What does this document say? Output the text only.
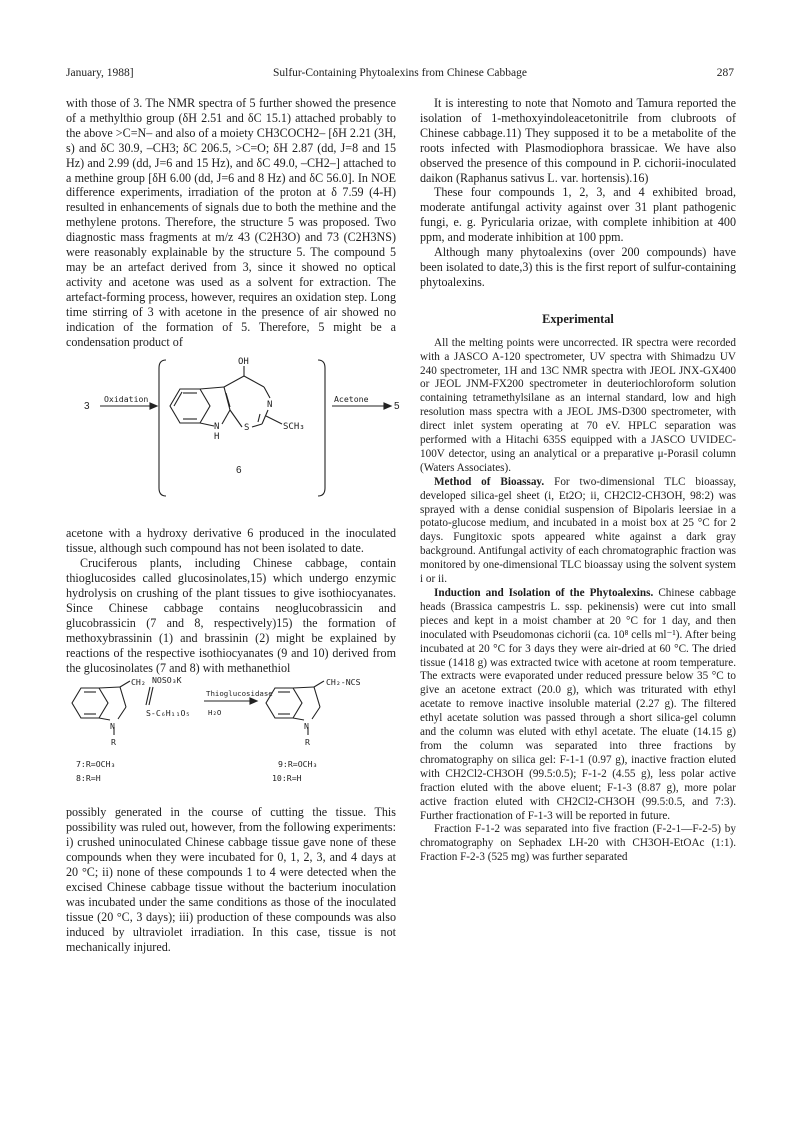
January, 1988]	Sulfur-Containing Phytoalexins from Chinese Cabbage	287

with those of 3. The NMR spectra of 5 further showed the presence of a methylthio group (δH 2.51 and δC 15.1) attached probably to the above >C=N– and also of a moiety CH3COCH2– [δH 2.21 (3H, s) and δC 30.9, –CH3; δC 206.5, >C=O; δH 2.87 (dd, J=8 and 15 Hz) and 2.99 (dd, J=6 and 15 Hz), and δC 49.0, –CH2–] attached to a methine group [δH 6.00 (dd, J=6 and 8 Hz) and δC 56.0]. In NOE difference experiments, irradiation of the proton at δ 7.59 (4-H) resulted in enhancements of signals due to both the methine and the methylene protons. Therefore, the structure 5 was proposed. Two diagnostic mass fragments at m/z 43 (C2H3O) and 73 (C2H3NS) were reasonably explainable by the structure 5. The compound 5 may be an artefact derived from 3, since it showed no optical activity and acetone was used as a solvent for extraction. The artefact-forming process, however, requires an oxidation step. Long time stirring of 3 with acetone in the presence of air showed no indication of the formation of 5. Therefore, 5 might be a condensation product of

Oxidation
3
Acetone
5
OH
N
N
H
S	SCH₃
6

acetone with a hydroxy derivative 6 produced in the inoculated tissue, although such compound has not been isolated to date.

Cruciferous plants, including Chinese cabbage, contain thioglucosides called glucosinolates,15) which undergo enzymic hydrolysis on crushing of the plant tissues to give isothiocyanates. Since Chinese cabbage contains neoglucobrassicin and glucobrassicin (7 and 8, respectively)15) the formation of methoxybrassinin (1) and brassinin (2) might be explained by reactions of the respective isothiocyanates (9 and 10) derived from the glucosinolates (7 and 8) with methanethiol

CH₂ NOSO₃K
S-C₆H₁₁O₅
N
R
Thioglucosidase
H₂O
CH₂-NCS
N
R
7:R=OCH₃
8:R=H
9:R=OCH₃
10:R=H

possibly generated in the course of cutting the tissue. This possibility was ruled out, however, from the following experiments: i) crushed uninoculated Chinese cabbage tissue gave none of these compounds when they were incubated for 0, 1, 2, 3, and 4 days at 20 °C; ii) none of these compounds 1 to 4 were detected when the excised Chinese cabbage tissue without the bacterium inoculation was incubated under the same conditions as those of the inoculated tissue (20 °C, 3 days); iii) production of these compounds was also induced by ultraviolet irradiation. In this case, tissue is not mechanically injured.

It is interesting to note that Nomoto and Tamura reported the isolation of 1-methoxyindoleacetonitrile from clubroots of Chinese cabbage.11) They supposed it to be a metabolite of the roots infected with Plasmodiophora brassicae. We have also observed the presence of this compound in P. cichorii-inoculated daikon (Raphanus sativus L. var. hortensis).16)

These four compounds 1, 2, 3, and 4 exhibited broad, moderate antifungal activity against over 31 plant pathogenic fungi, e. g. Pyricularia orizae, with complete inhibition at 400 ppm, and moderate inhibition at 100 ppm.

Although many phytoalexins (over 200 compounds) have been isolated to date,3) this is the first report of sulfur-containing phytoalexins.

Experimental

All the melting points were uncorrected. IR spectra were recorded with a JASCO A-120 spectrometer, UV spectra with Shimadzu UV 240 spectrometer, 1H and 13C NMR spectra with JEOL JNX-GX400 or JEOL JNM-FX200 spectrometer in deuteriochloroform solution containing tetramethylsilane as an internal standard, low and high resolution mass spectra with a JEOL JMS-D300 spectrometer, with direct inlet system operating at 70 eV. HPLC separation was performed with a Hitachi 635S equipped with a JASCO UVIDEC-100V detector, using an analytical or a preparative μ-Porasil column (Waters Associates).

Method of Bioassay. For two-dimensional TLC bioassay, developed silica-gel sheet (i, Et2O; ii, CH2Cl2-CH3OH, 98:2) was sprayed with a dense conidial suspension of Bipolaris leersiae in a potato-glucose medium, and incubated in a moist box at 25 °C for 2 days. Fungitoxic spots appeared white against a dark gray background. Antifungal activity of each chromatographic fraction was monitored by one-dimensional TLC bioassay using the solvent system i or ii.

Induction and Isolation of the Phytoalexins. Chinese cabbage heads (Brassica campestris L. ssp. pekinensis) were cut into small pieces and kept in a moist chamber at 20 °C for 1 day, and then inoculated with Pseudomonas cichorii (ca. 10⁸ cells ml⁻¹). After being incubated at 20 °C for 3 days they were air-dried at 60 °C. The dried tissue (1418 g) was extracted twice with acetone at room temperature. The extracts were evaporated under reduced pressure below 35 °C to give an acetone extract (20.0 g), which was triturated with ethyl acetate to remove inactive insoluble material (2.27 g). The filtered ethyl acetate solution was passed through a short silica-gel column and the column was eluted with ethyl acetate. The eluate (14.15 g) from the column was separated into three fractions by chromatography on silica gel: F-1-1 (0.97 g), inactive fraction eluted with CH2Cl2-CH3OH (99.5:0.5); F-1-2 (4.55 g), less polar active fraction eluted with the above eluent; F-1-3 (8.87 g), more polar active fraction eluted with CH2Cl2-CH3OH (99.5:0.5, and 7:3). Further fractionation of F-1-3 will be reported in future.

Fraction F-1-2 was separated into five fraction (F-2-1—F-2-5) by chromatography on Sephadex LH-20 with CH3OH-EtOAc (1:1). Fraction F-2-3 (525 mg) was further separated
